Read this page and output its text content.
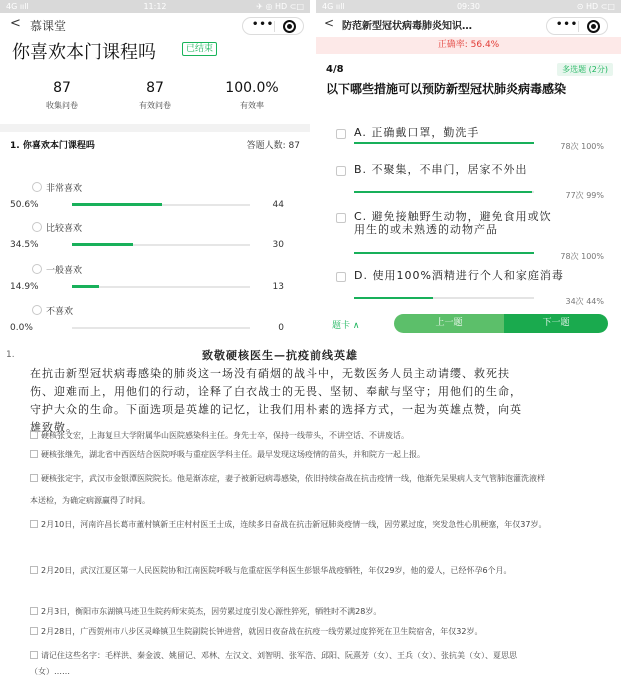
4G ııll	11:12	✈ ◎ HD ⊂□
< 慕课堂	•••
你喜欢本门课程吗	已结束
87
收集问卷
87
有效问卷
100.0%
有效率
1. 你喜欢本门课程吗	答题人数: 87
非常喜欢
50.6%	44
比较喜欢
34.5%	30
一般喜欢
14.9%	13
不喜欢
0.0%	0
4G ııll	09:30	⊙ HD ⊂□
< 防范新型冠状病毒肺炎知识…	•••
正确率: 56.4%
4/8	多选题 (2分)
以下哪些措施可以预防新型冠状肺炎病毒感染
A. 正确戴口罩，勤洗手
78次 100%
B. 不聚集，不串门，居家不外出
77次 99%
C. 避免接触野生动物，避免食用或饮用生的或未熟透的动物产品
78次 100%
D. 使用100%酒精进行个人和家庭消毒
34次 44%
题卡 ∧	上一题	下一题
1.	致敬硬核医生—抗疫前线英雄
在抗击新型冠状病毒感染的肺炎这一场没有硝烟的战斗中，无数医务人员主动请缨、救死扶伤、迎难而上，用他们的行动，诠释了白衣战士的无畏、坚韧、奉献与坚守；用他们的生命，守护大众的生命。下面选项是英雄的记忆，让我们用朴素的选择方式，一起为英雄点赞，向英雄致敬。
硬核张文宏，上海复旦大学附属华山医院感染科主任。身先士卒，保持一线带头，不讲空话、不讲废话。
硬核张继先，湖北省中西医结合医院呼吸与重症医学科主任。最早发现这场疫情的苗头，并和院方一起上报。
硬核张定宇，武汉市金银潭医院院长。他是渐冻症，妻子被新冠病毒感染，依旧持续奋战在抗击疫情一线，他渐先呆果病人支气管肺泡灌洗液样本送检，为确定病源赢得了时间。
2月10日，河南许昌长葛市董村镇新王庄村村医王士成，连续多日奋战在抗击新冠肺炎疫情一线，因劳累过度，突发急性心肌梗塞，年仅37岁。
2月20日，武汉江夏区第一人民医院协和江南医院呼吸与危重症医学科医生彭银华战疫牺牲，年仅29岁，他的爱人，已经怀孕6个月。
2月3日，衡阳市东湖镇马迹卫生院药师宋英杰，因劳累过度引发心源性猝死，牺牲时不满28岁。
2月28日，广西贺州市八步区灵峰镇卫生院副院长钟进营，就因日夜奋战在抗疫一线劳累过度猝死在卫生院宿舍，年仅32岁。
请记住这些名字：毛样洪、秦金波、姚留记、邓林、左汉文、刘智明、张军浩、邱阳、阮熹芳（女）、王兵（女）、张抗美（女）、夏思思（女）……
